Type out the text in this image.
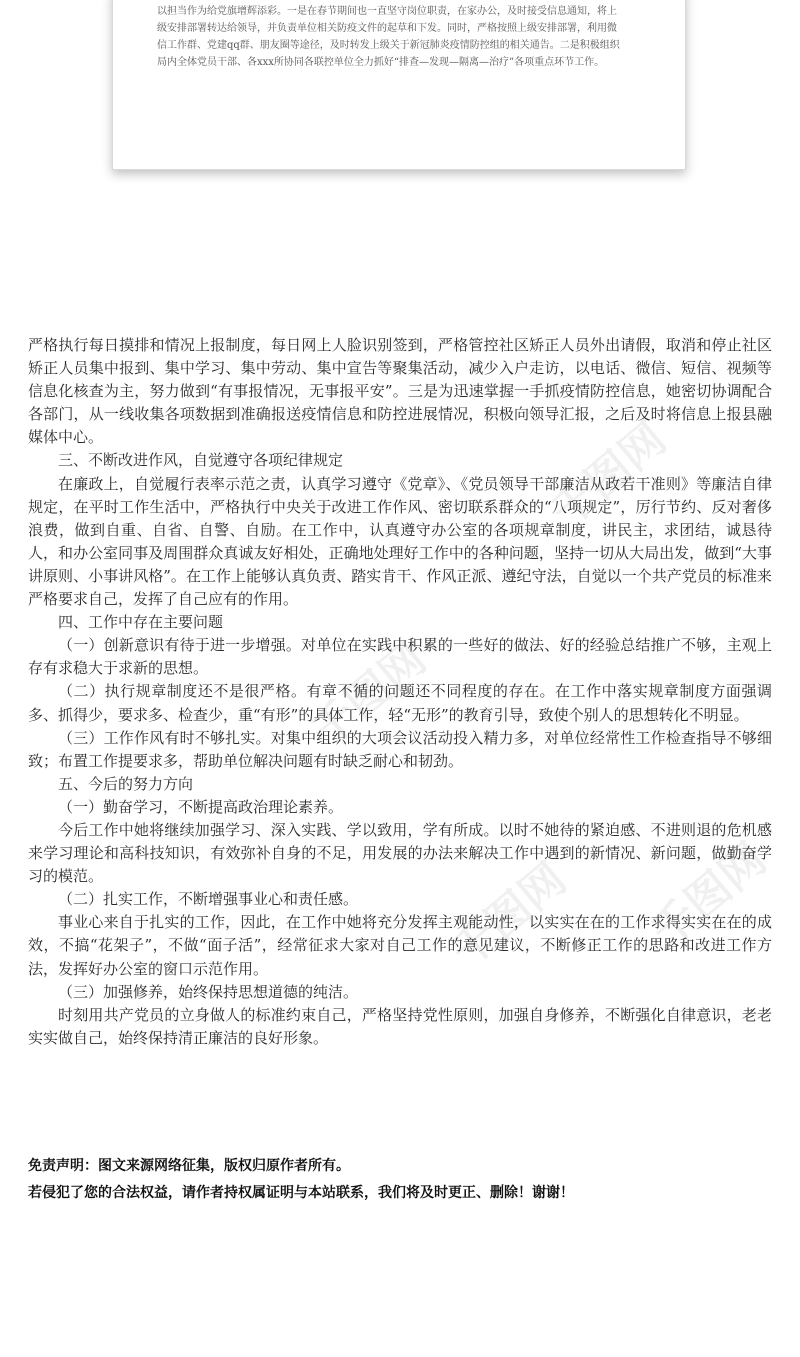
以担当作为给党旗增辉添彩。一是在春节期间也一直坚守岗位职责，在家办公，及时接受信息通知，将上
级安排部署转达给领导，并负责单位相关防疫文件的起草和下发。同时，严格按照上级安排部署，利用微
信工作群、党建qq群、朋友圈等途径，及时转发上级关于新冠肺炎疫情防控组的相关通告。二是积极组织
局内全体党员干部、各xxx所协同各联控单位全力抓好“排查—发现—隔离—治疗”各项重点环节工作。

千图网
千图网
千图网
千图网

严格执行每日摸排和情况上报制度，每日网上人脸识别签到，严格管控社区矫正人员外出请假，取消和停止社区矫正人员集中报到、集中学习、集中劳动、集中宣告等聚集活动，减少入户走访，以电话、微信、短信、视频等信息化核查为主，努力做到“有事报情况，无事报平安”。三是为迅速掌握一手抓疫情防控信息，她密切协调配合各部门，从一线收集各项数据到准确报送疫情信息和防控进展情况，积极向领导汇报，之后及时将信息上报县融媒体中心。

三、不断改进作风，自觉遵守各项纪律规定

在廉政上，自觉履行表率示范之责，认真学习遵守《党章》、《党员领导干部廉洁从政若干准则》等廉洁自律规定，在平时工作生活中，严格执行中央关于改进工作作风、密切联系群众的“八项规定”，厉行节约、反对奢侈浪费，做到自重、自省、自警、自励。在工作中，认真遵守办公室的各项规章制度，讲民主，求团结，诚恳待人，和办公室同事及周围群众真诚友好相处，正确地处理好工作中的各种问题，坚持一切从大局出发，做到“大事讲原则、小事讲风格”。在工作上能够认真负责、踏实肯干、作风正派、遵纪守法，自觉以一个共产党员的标准来严格要求自己，发挥了自己应有的作用。

四、工作中存在主要问题

（一）创新意识有待于进一步增强。对单位在实践中积累的一些好的做法、好的经验总结推广不够，主观上存有求稳大于求新的思想。

（二）执行规章制度还不是很严格。有章不循的问题还不同程度的存在。在工作中落实规章制度方面强调多、抓得少，要求多、检查少，重“有形”的具体工作，轻“无形”的教育引导，致使个别人的思想转化不明显。

（三）工作作风有时不够扎实。对集中组织的大项会议活动投入精力多，对单位经常性工作检查指导不够细致；布置工作提要求多，帮助单位解决问题有时缺乏耐心和韧劲。

五、今后的努力方向

（一）勤奋学习，不断提高政治理论素养。

今后工作中她将继续加强学习、深入实践、学以致用，学有所成。以时不她待的紧迫感、不进则退的危机感来学习理论和高科技知识，有效弥补自身的不足，用发展的办法来解决工作中遇到的新情况、新问题，做勤奋学习的模范。

（二）扎实工作，不断增强事业心和责任感。

事业心来自于扎实的工作，因此，在工作中她将充分发挥主观能动性，以实实在在的工作求得实实在在的成效，不搞“花架子”，不做“面子活”，经常征求大家对自己工作的意见建议，不断修正工作的思路和改进工作方法，发挥好办公室的窗口示范作用。

（三）加强修养，始终保持思想道德的纯洁。

时刻用共产党员的立身做人的标准约束自己，严格坚持党性原则，加强自身修养，不断强化自律意识，老老实实做自己，始终保持清正廉洁的良好形象。

免责声明：图文来源网络征集，版权归原作者所有。

若侵犯了您的合法权益，请作者持权属证明与本站联系，我们将及时更正、删除！谢谢！
